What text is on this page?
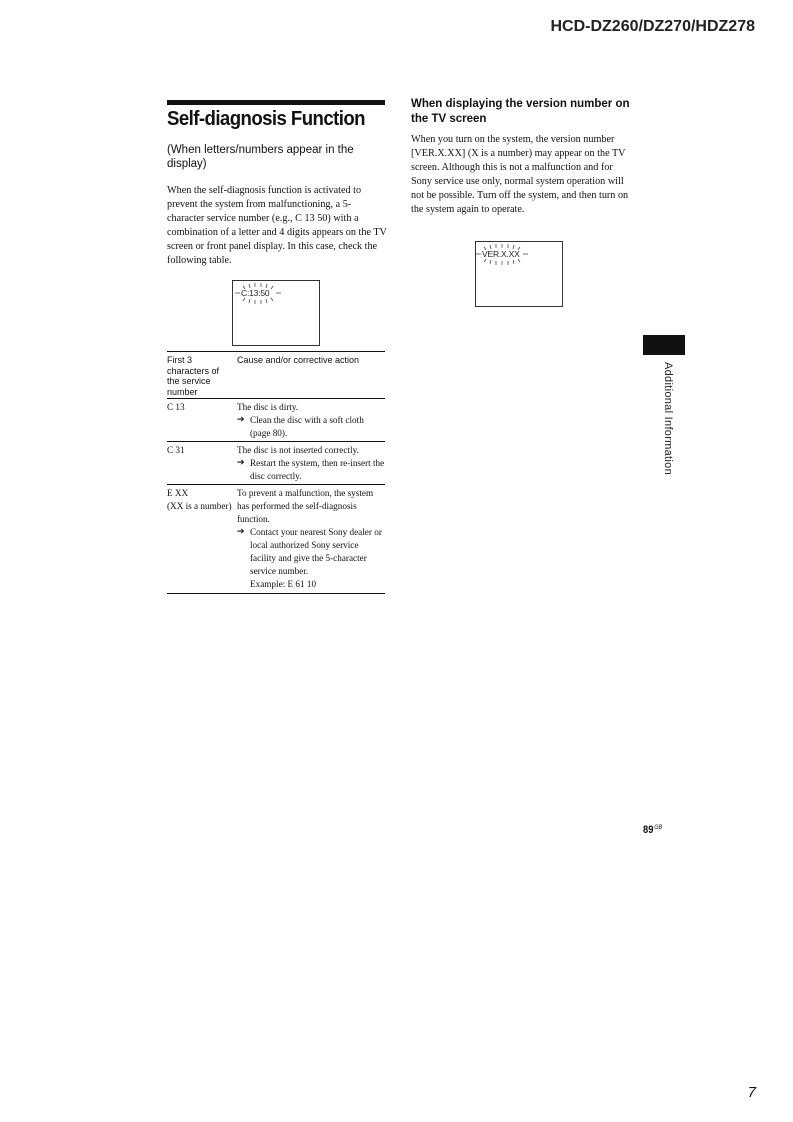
HCD-DZ260/DZ270/HDZ278
Self-diagnosis Function
(When letters/numbers appear in the display)
When the self-diagnosis function is activated to prevent the system from malfunctioning, a 5-character service number (e.g., C 13 50) with a combination of a letter and 4 digits appears on the TV screen or front panel display. In this case, check the following table.
C:13:50
First 3 characters of the service number
Cause and/or corrective action
C 13	The disc is dirty.
➔ Clean the disc with a soft cloth (page 80).
C 31	The disc is not inserted correctly.
➔ Restart the system, then re-insert the disc correctly.
E XX
(XX is a number)
To prevent a malfunction, the system has performed the self-diagnosis function.
➔ Contact your nearest Sony dealer or local authorized Sony service facility and give the 5-character service number.
Example: E 61 10
When displaying the version number on the TV screen
When you turn on the system, the version number [VER.X.XX] (X is a number) may appear on the TV screen. Although this is not a malfunction and for Sony service use only, normal system operation will not be possible. Turn off the system, and then turn on the system again to operate.
VER.X.XX
Additional Information
$89^{GB}$
7
